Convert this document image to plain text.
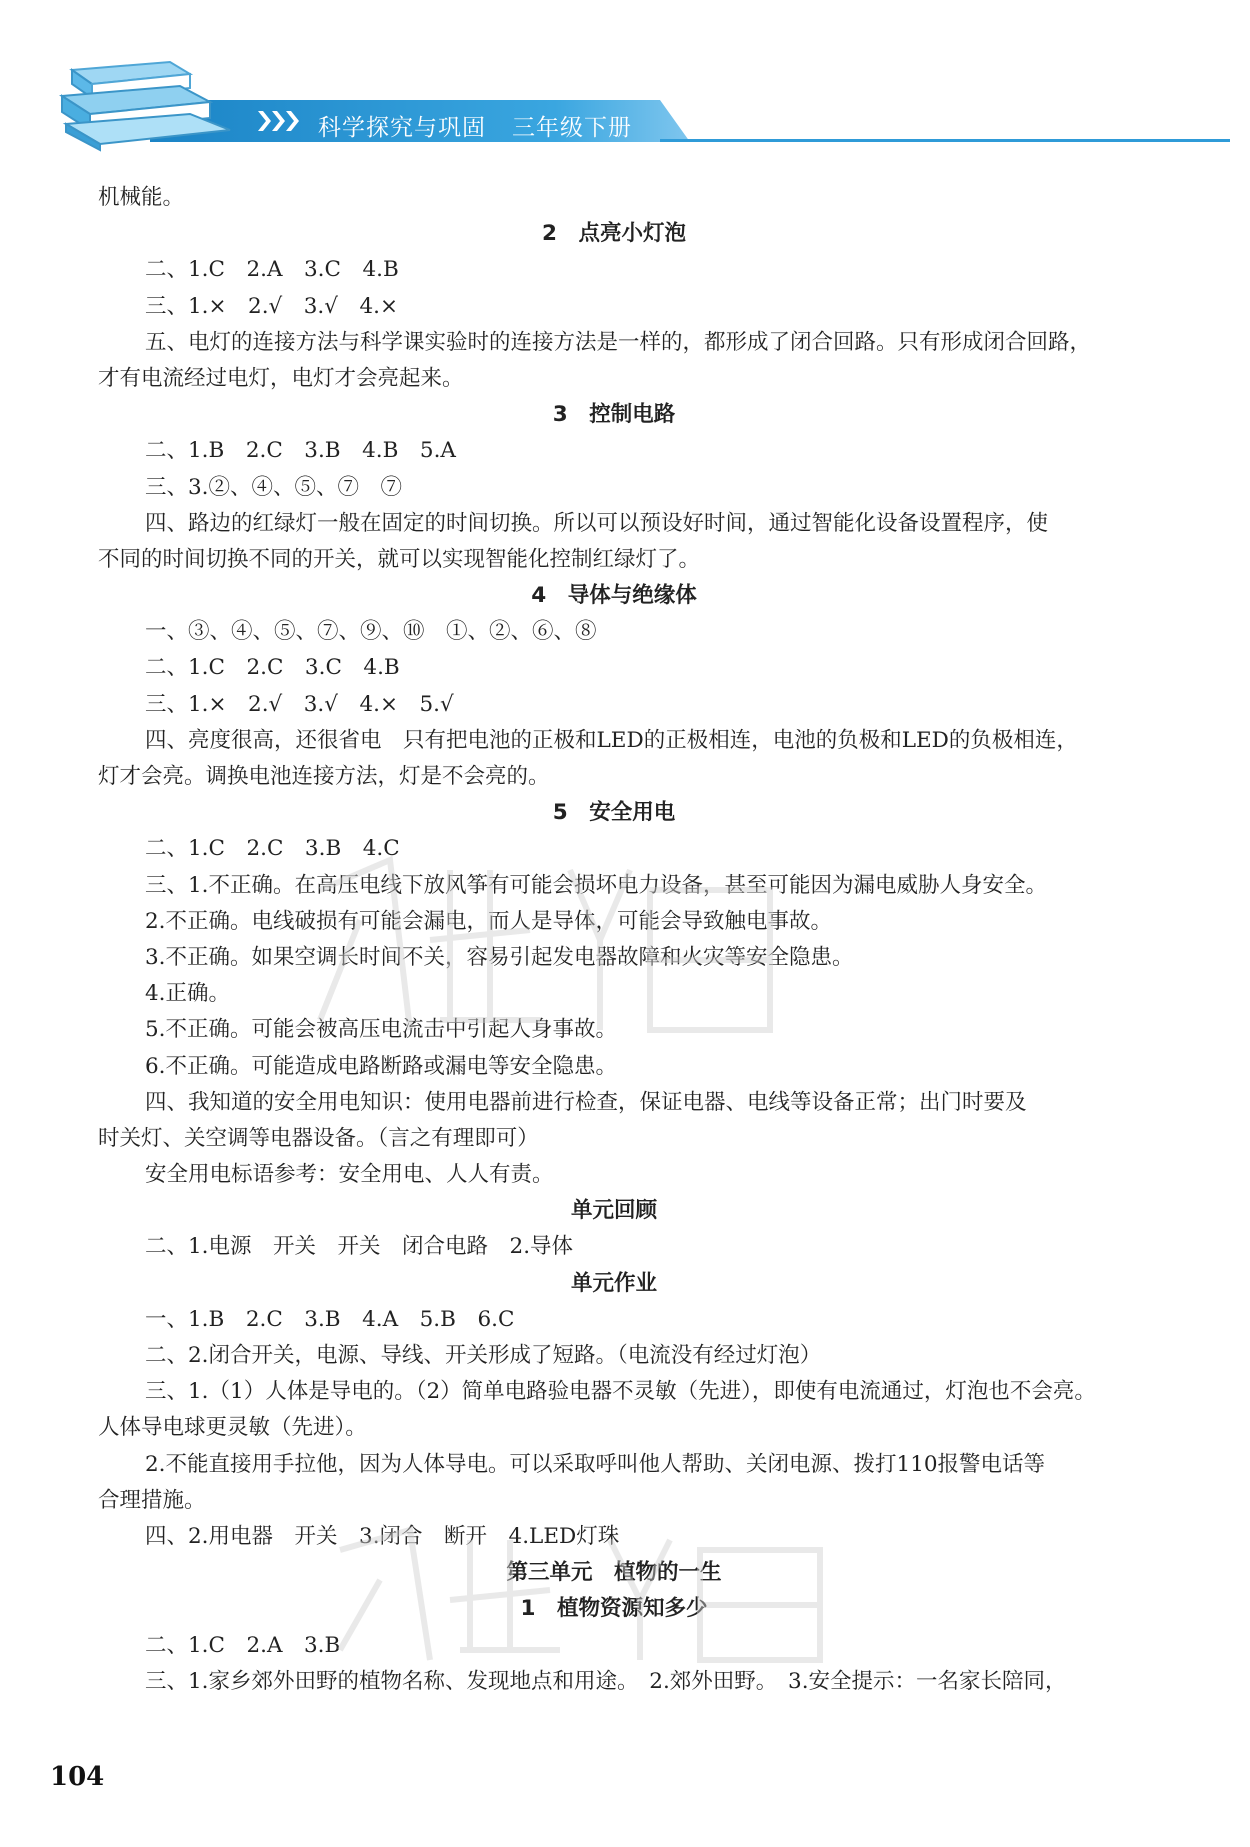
科学探究与巩固 三年级下册
机械能。
2　点亮小灯泡
二、1.C　2.A　3.C　4.B
三、1.×　2.√　3.√　4.×
五、电灯的连接方法与科学课实验时的连接方法是一样的，都形成了闭合回路。只有形成闭合回路，
才有电流经过电灯，电灯才会亮起来。
3　控制电路
二、1.B　2.C　3.B　4.B　5.A
三、3.②、④、⑤、⑦　⑦
四、路边的红绿灯一般在固定的时间切换。所以可以预设好时间，通过智能化设备设置程序，使
不同的时间切换不同的开关，就可以实现智能化控制红绿灯了。
4　导体与绝缘体
一、③、④、⑤、⑦、⑨、⑩　①、②、⑥、⑧
二、1.C　2.C　3.C　4.B
三、1.×　2.√　3.√　4.×　5.√
四、亮度很高，还很省电　只有把电池的正极和LED的正极相连，电池的负极和LED的负极相连，
灯才会亮。调换电池连接方法，灯是不会亮的。
5　安全用电
二、1.C　2.C　3.B　4.C
三、1.不正确。在高压电线下放风筝有可能会损坏电力设备，甚至可能因为漏电威胁人身安全。
2.不正确。电线破损有可能会漏电，而人是导体，可能会导致触电事故。
3.不正确。如果空调长时间不关，容易引起发电器故障和火灾等安全隐患。
4.正确。
5.不正确。可能会被高压电流击中引起人身事故。
6.不正确。可能造成电路断路或漏电等安全隐患。
四、我知道的安全用电知识：使用电器前进行检查，保证电器、电线等设备正常；出门时要及
时关灯、关空调等电器设备。（言之有理即可）
安全用电标语参考：安全用电、人人有责。
单元回顾
二、1.电源　开关　开关　闭合电路　2.导体
单元作业
一、1.B　2.C　3.B　4.A　5.B　6.C
二、2.闭合开关，电源、导线、开关形成了短路。（电流没有经过灯泡）
三、1.（1）人体是导电的。（2）简单电路验电器不灵敏（先进），即使有电流通过，灯泡也不会亮。
人体导电球更灵敏（先进）。
2.不能直接用手拉他，因为人体导电。可以采取呼叫他人帮助、关闭电源、拨打110报警电话等
合理措施。
四、2.用电器　开关　3.闭合　断开　4.LED灯珠
第三单元　植物的一生
1　植物资源知多少
二、1.C　2.A　3.B
三、1.家乡郊外田野的植物名称、发现地点和用途。　2.郊外田野。　3.安全提示：一名家长陪同，
104
